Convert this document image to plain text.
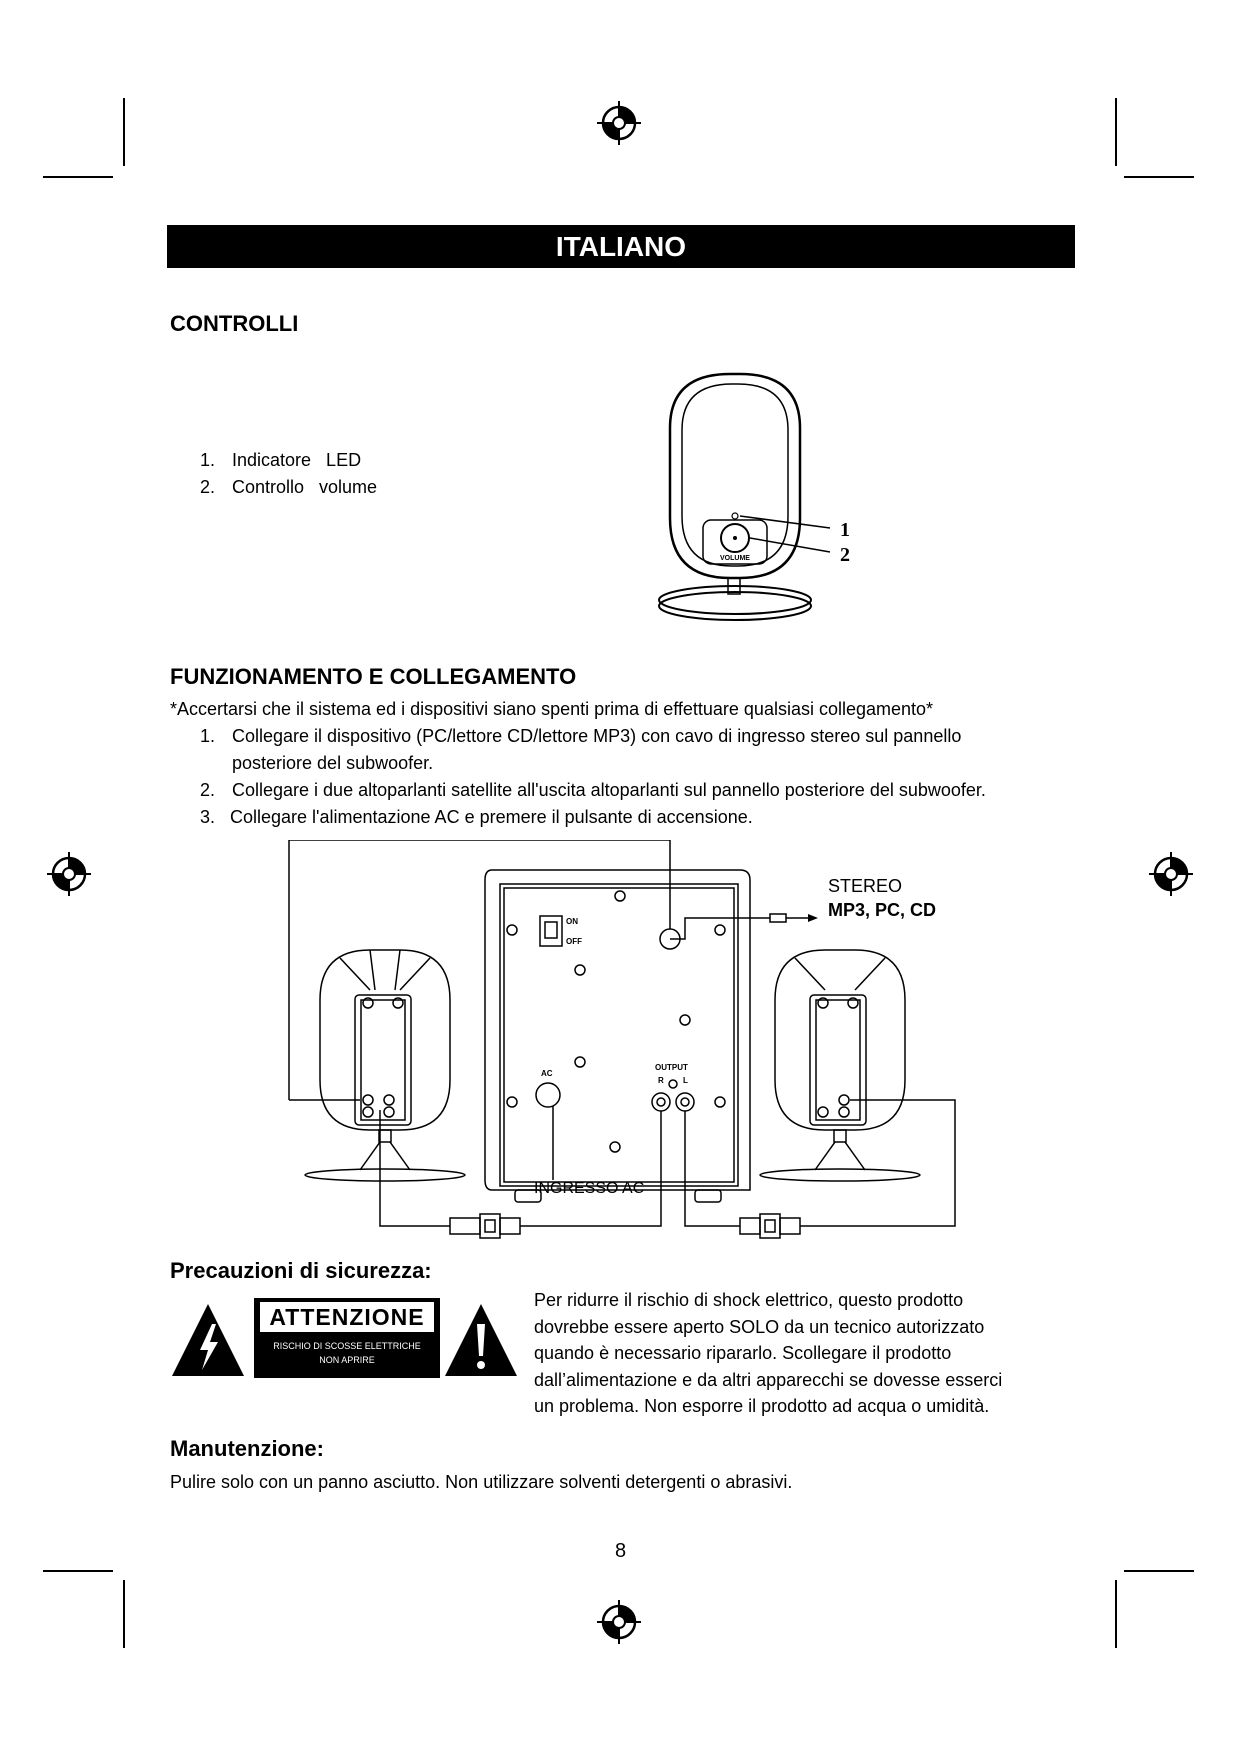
ITALIANO
CONTROLLI
1. Indicatore   LED
2. Controllo   volume
VOLUME
1
2
FUNZIONAMENTO E COLLEGAMENTO
*Accertarsi che il sistema ed i dispositivi siano spenti prima di effettuare qualsiasi collegamento*
1. Collegare il dispositivo (PC/lettore CD/lettore MP3) con cavo di ingresso stereo sul pannello
posteriore del subwoofer.
2. Collegare i due altoparlanti satellite all'uscita altoparlanti sul pannello posteriore del subwoofer.
3. Collegare l'alimentazione AC e premere il pulsante di accensione.
ON
OFF
AC
OUTPUT
R L
STEREO
MP3, PC, CD
INGRESSO AC
Precauzioni di sicurezza:
ATTENZIONE
RISCHIO DI SCOSSE ELETTRICHE
NON APRIRE
Per ridurre il rischio di shock elettrico, questo prodotto
dovrebbe essere aperto SOLO da un tecnico autorizzato
quando è necessario ripararlo. Scollegare il prodotto
dall’alimentazione e da altri apparecchi se dovesse esserci
un problema. Non esporre il prodotto ad acqua o umidità.
Manutenzione:
Pulire solo con un panno asciutto. Non utilizzare solventi detergenti o abrasivi.
8
